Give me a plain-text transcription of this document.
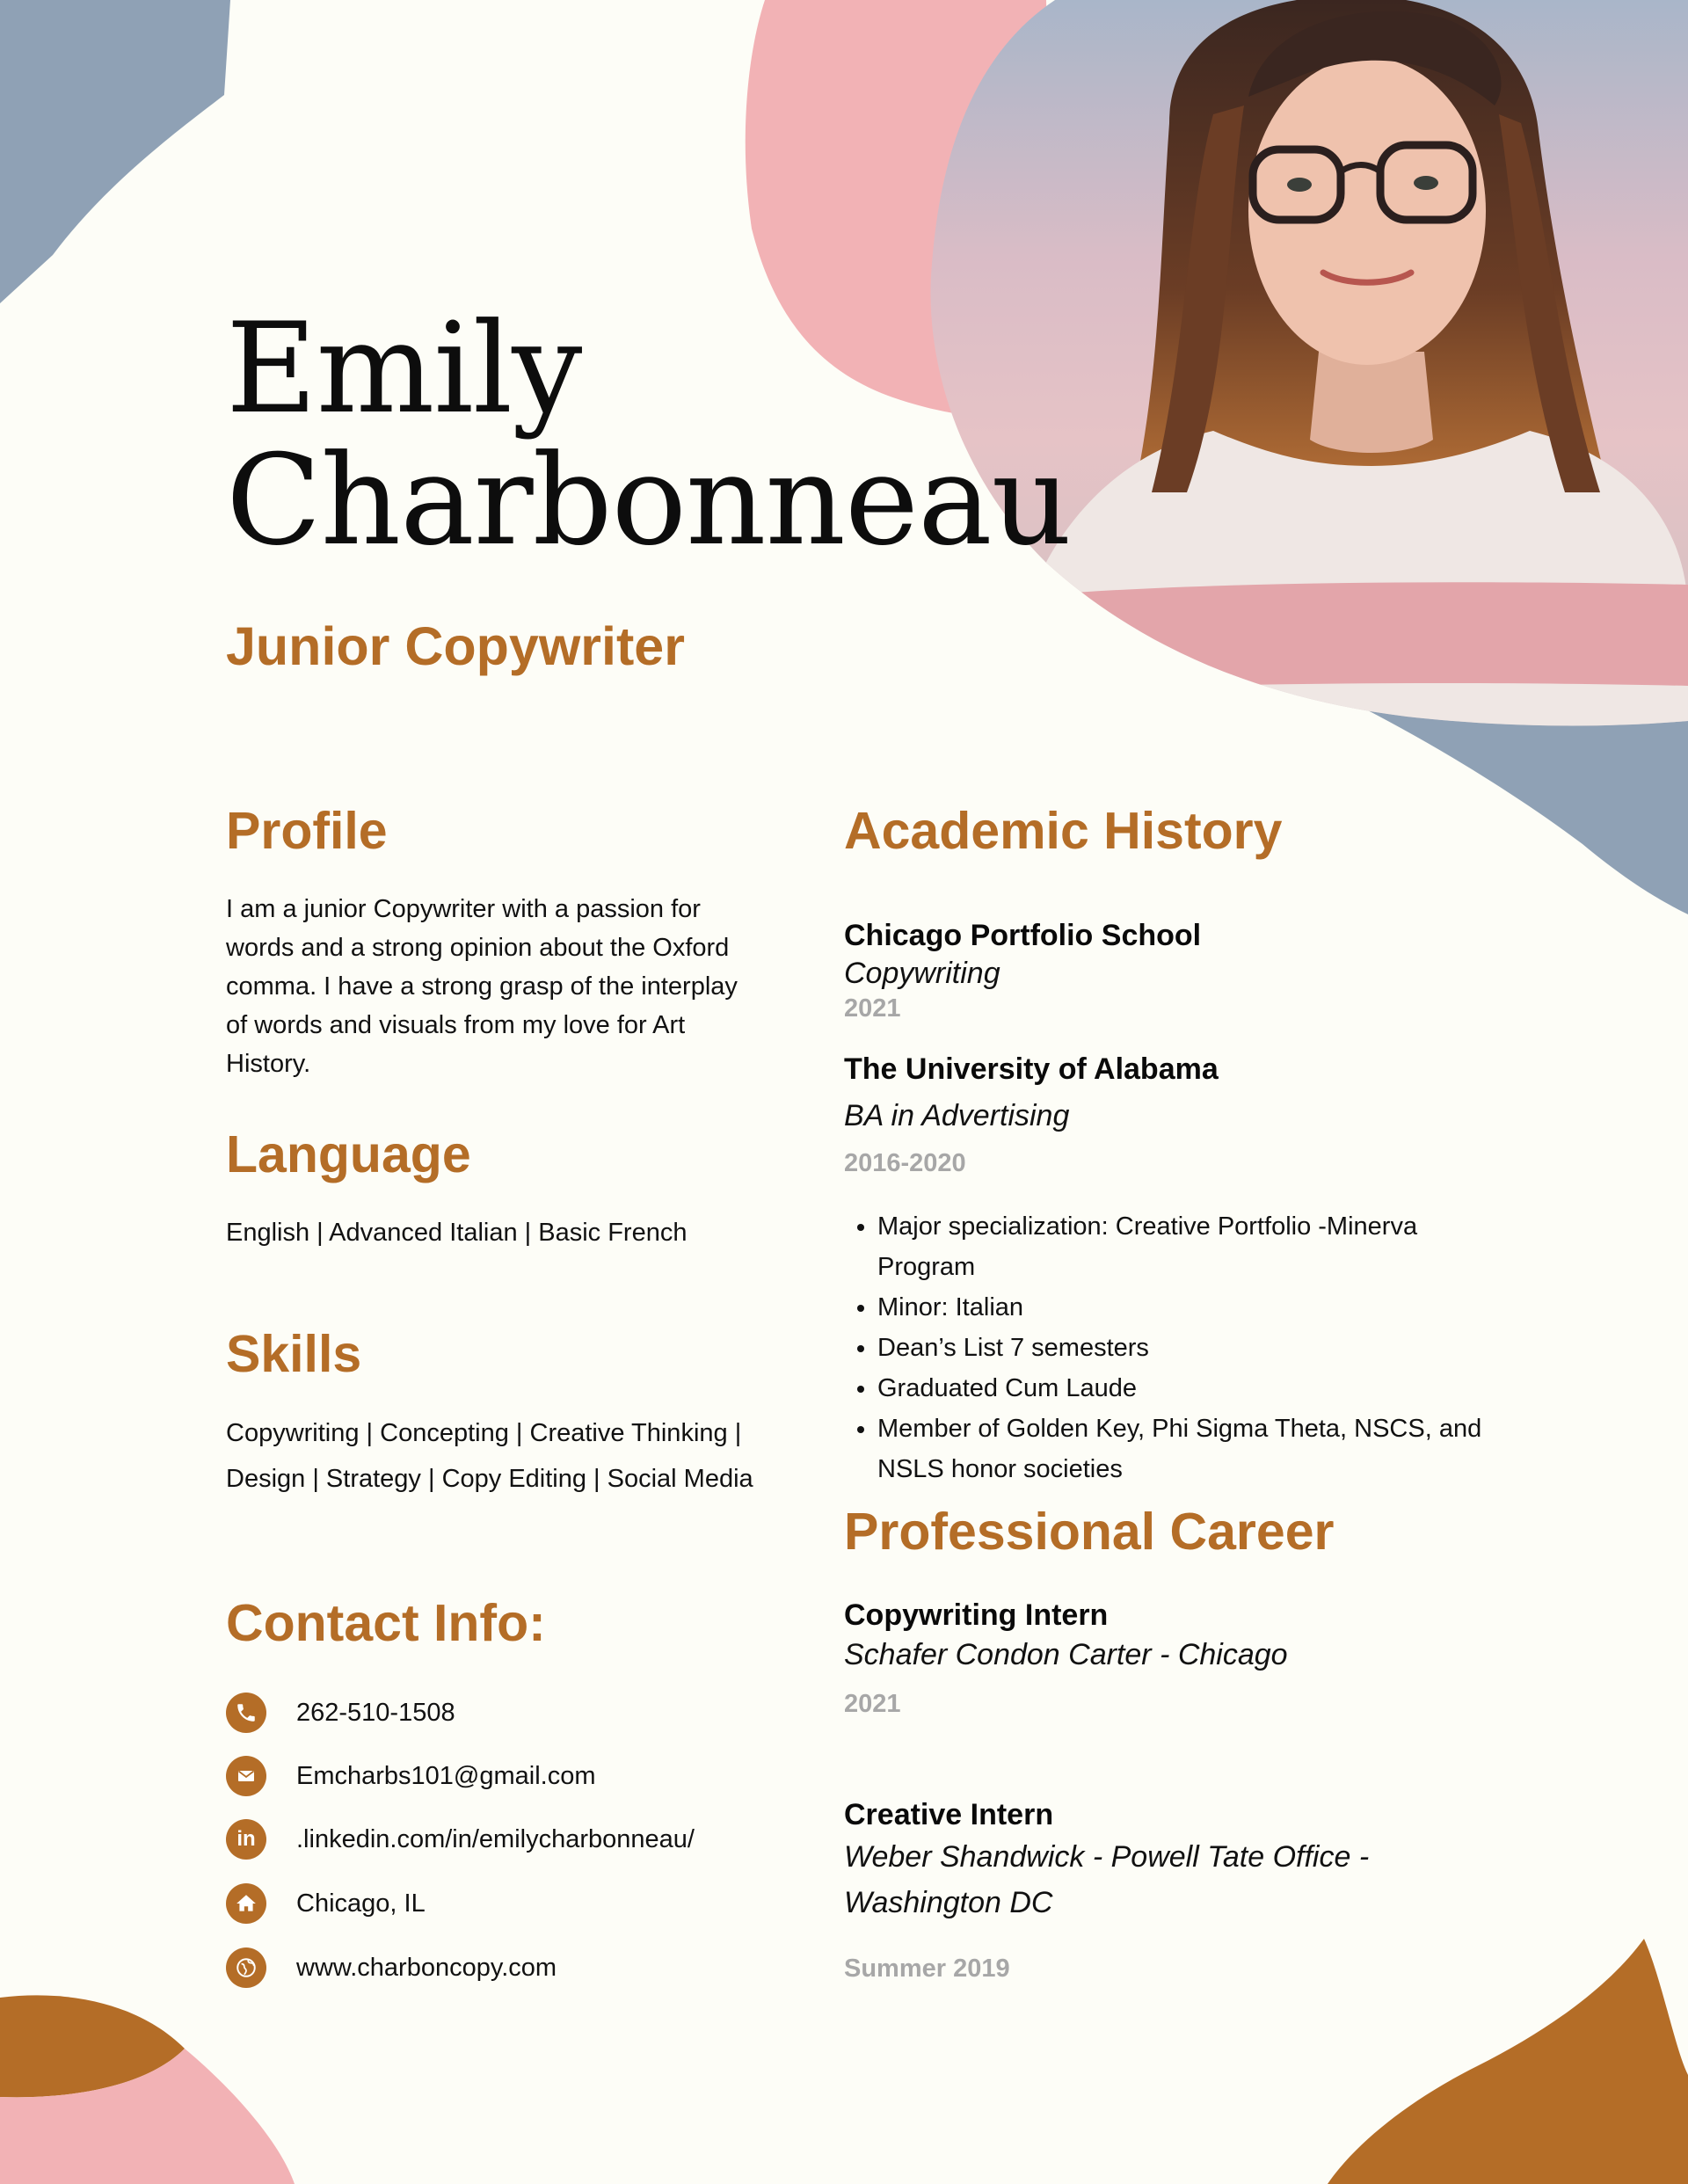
Emily
Charbonneau
Junior Copywriter
Profile
I am a junior Copywriter with a passion for
words and a strong opinion about the Oxford
comma. I have a strong grasp of the interplay
of words and visuals from my love for Art
History.
Language

English | Advanced Italian | Basic French

Skills
Copywriting | Concepting | Creative Thinking |
Design | Strategy | Copy Editing | Social Media
Contact Info:
262-510-1508
Emcharbs101@gmail.com
in	.linkedin.com/in/emilycharbonneau/
Chicago, IL
www.charboncopy.com
Academic History

Chicago Portfolio School

Copywriting

2021

The University of Alabama

BA in Advertising

2016-2020

• Major specialization: Creative Portfolio -Minerva Program
• Minor: Italian
• Dean’s List 7 semesters
• Graduated Cum Laude
• Member of Golden Key, Phi Sigma Theta, NSCS, and NSLS honor societies
Professional Career

Copywriting Intern

Schafer Condon Carter - Chicago

2021

Creative Intern

Weber Shandwick - Powell Tate Office -
Washington DC

Summer 2019
